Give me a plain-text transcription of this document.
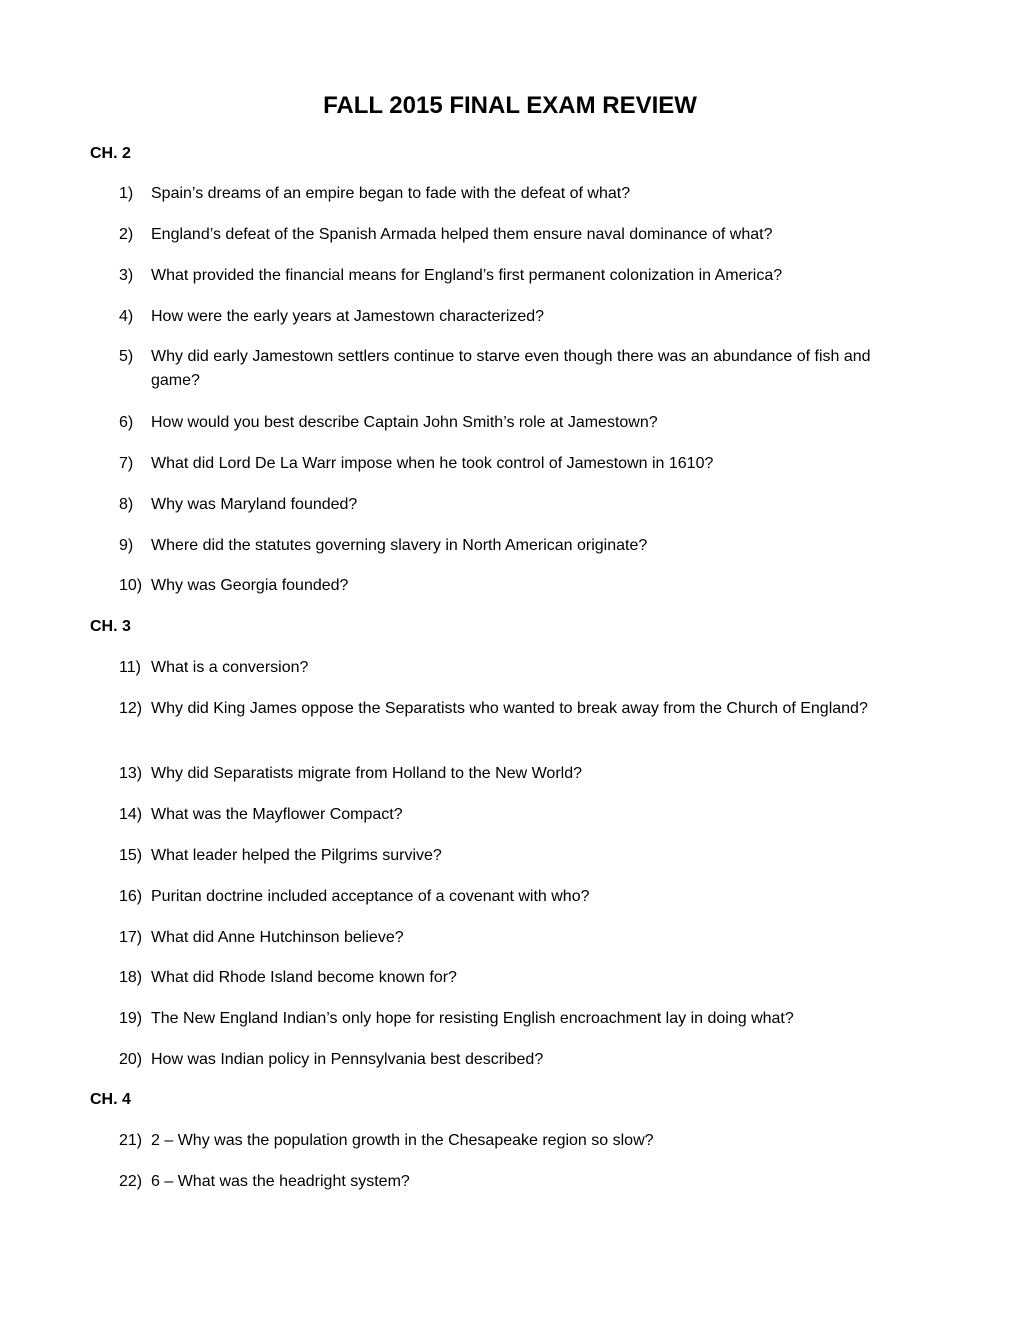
FALL 2015 FINAL EXAM REVIEW
CH. 2
1)	Spain’s dreams of an empire began to fade with the defeat of what?
2)	England’s defeat of the Spanish Armada helped them ensure naval dominance of what?
3)	What provided the financial means for England’s first permanent colonization in America?
4)	How were the early years at Jamestown characterized?
5)	Why did early Jamestown settlers continue to starve even though there was an abundance of fish and game?
6)	How would you best describe Captain John Smith’s role at Jamestown?
7)	What did Lord De La Warr impose when he took control of Jamestown in 1610?
8)	Why was Maryland founded?
9)	Where did the statutes governing slavery in North American originate?
10) Why was Georgia founded?
CH. 3
11) What is a conversion?
12) Why did King James oppose the Separatists who wanted to break away from the Church of England?
13) Why did Separatists migrate from Holland to the New World?
14) What was the Mayflower Compact?
15) What leader helped the Pilgrims survive?
16) Puritan doctrine included acceptance of a covenant with who?
17) What did Anne Hutchinson believe?
18) What did Rhode Island become known for?
19) The New England Indian’s only hope for resisting English encroachment lay in doing what?
20) How was Indian policy in Pennsylvania best described?
CH. 4
21) 2 – Why was the population growth in the Chesapeake region so slow?
22) 6 – What was the headright system?
